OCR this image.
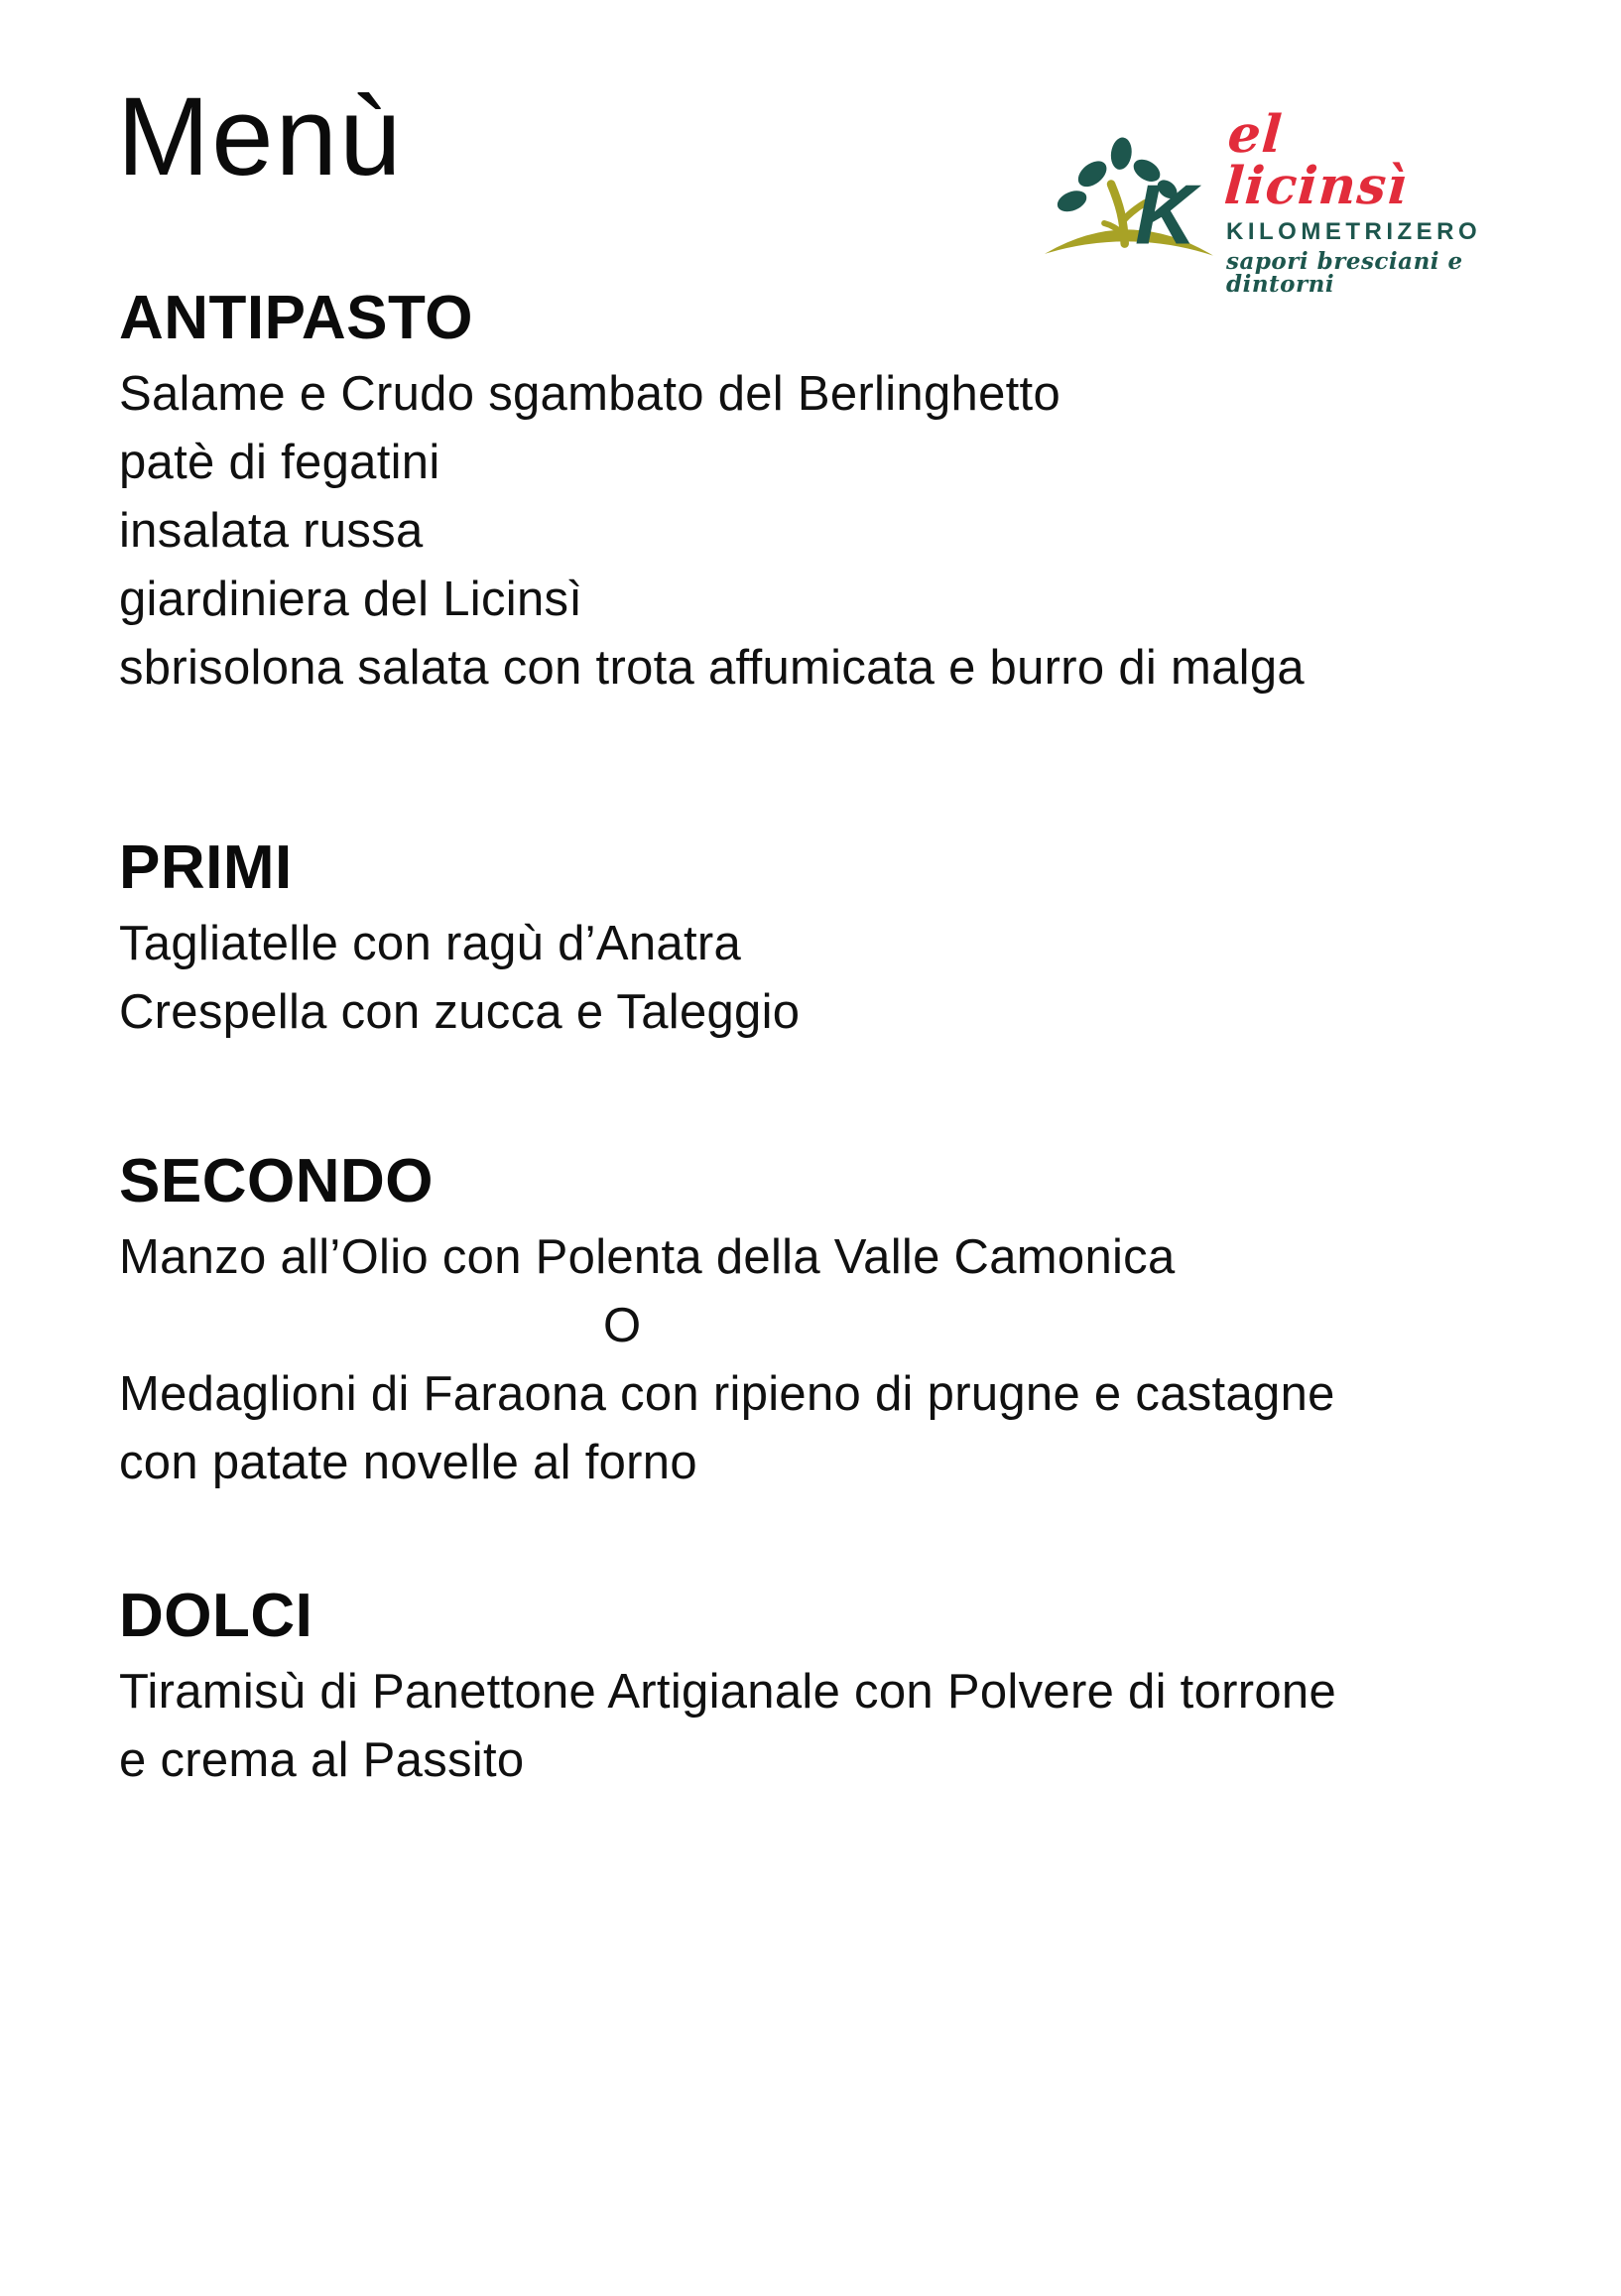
Menù
K
el licinsì
KILOMETRIZERO
sapori bresciani e dintorni
ANTIPASTO
Salame e Crudo sgambato del Berlinghetto
patè di fegatini
insalata russa
giardiniera del Licinsì
sbrisolona salata con trota affumicata e burro di malga
PRIMI
Tagliatelle con ragù d’Anatra
Crespella con zucca e Taleggio
SECONDO
Manzo all’Olio con Polenta della Valle Camonica
O
Medaglioni di Faraona con ripieno di prugne e castagne
con patate novelle al forno
DOLCI
Tiramisù di Panettone Artigianale con Polvere di torrone
e crema al Passito
